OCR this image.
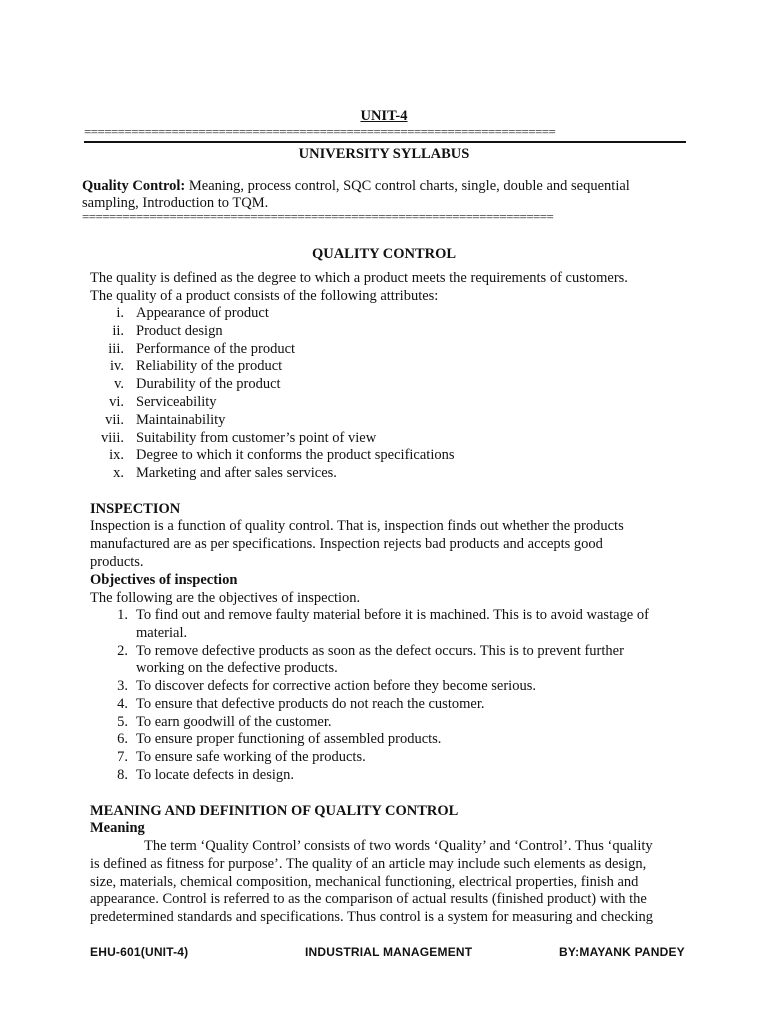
UNIT-4
======================================================================
UNIVERSITY SYLLABUS
Quality Control: Meaning, process control, SQC control charts, single, double and sequential
sampling, Introduction to TQM.
======================================================================
QUALITY CONTROL
The quality is defined as the degree to which a product meets the requirements of customers.
The quality of a product consists of the following attributes:
i. Appearance of product
ii. Product design
iii. Performance of the product
iv. Reliability of the product
v. Durability of the product
vi. Serviceability
vii. Maintainability
viii. Suitability from customer’s point of view
ix. Degree to which it conforms the product specifications
x. Marketing and after sales services.
INSPECTION
Inspection is a function of quality control. That is, inspection finds out whether the products
manufactured are as per specifications. Inspection rejects bad products and accepts good
products.
Objectives of inspection
The following are the objectives of inspection.
1. To find out and remove faulty material before it is machined. This is to avoid wastage of
material.
2. To remove defective products as soon as the defect occurs. This is to prevent further
working on the defective products.
3. To discover defects for corrective action before they become serious.
4. To ensure that defective products do not reach the customer.
5. To earn goodwill of the customer.
6. To ensure proper functioning of assembled products.
7. To ensure safe working of the products.
8. To locate defects in design.
MEANING AND DEFINITION OF QUALITY CONTROL
Meaning
The term ‘Quality Control’ consists of two words ‘Quality’ and ‘Control’. Thus ‘quality
is defined as fitness for purpose’. The quality of an article may include such elements as design,
size, materials, chemical composition, mechanical functioning, electrical properties, finish and
appearance. Control is referred to as the comparison of actual results (finished product) with the
predetermined standards and specifications. Thus control is a system for measuring and checking
EHU-601(UNIT-4)	INDUSTRIAL MANAGEMENT	BY:MAYANK PANDEY
